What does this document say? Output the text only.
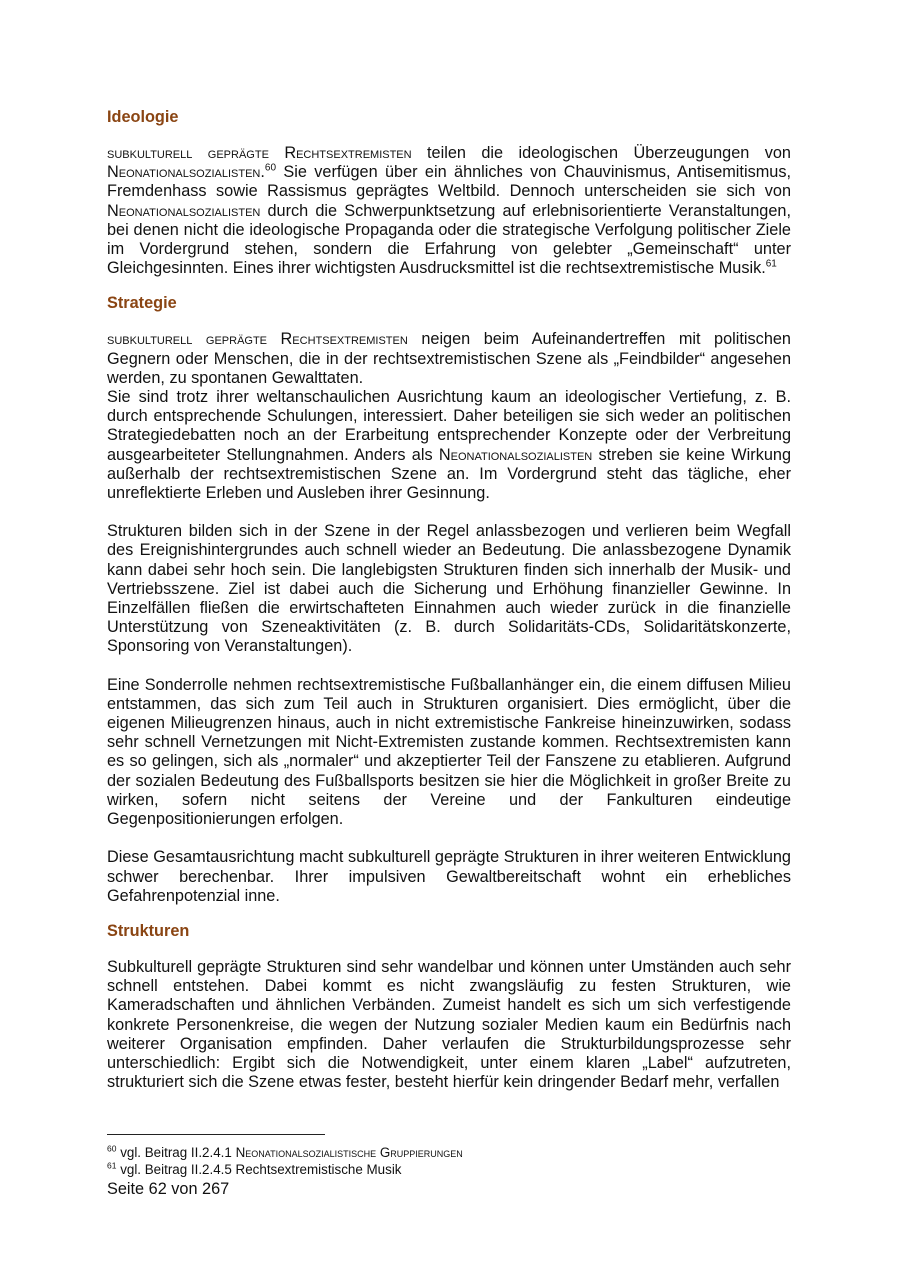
Ideologie

subkulturell geprägte Rechtsextremisten teilen die ideologischen Überzeugungen von Neonationalsozialisten.$^{60}$ Sie verfügen über ein ähnliches von Chauvinismus, Antisemitismus, Fremdenhass sowie Rassismus geprägtes Weltbild. Dennoch unterscheiden sie sich von Neonationalsozialisten durch die Schwerpunktsetzung auf erlebnisorientierte Veranstaltungen, bei denen nicht die ideologische Propaganda oder die strategische Verfolgung politischer Ziele im Vordergrund stehen, sondern die Erfahrung von gelebter „Gemeinschaft“ unter Gleichgesinnten. Eines ihrer wichtigsten Ausdrucksmittel ist die rechtsextremistische Musik.$^{61}$

Strategie

subkulturell geprägte Rechtsextremisten neigen beim Aufeinandertreffen mit politischen Gegnern oder Menschen, die in der rechtsextremistischen Szene als „Feindbilder“ angesehen werden, zu spontanen Gewalttaten.

Sie sind trotz ihrer weltanschaulichen Ausrichtung kaum an ideologischer Vertiefung, z. B. durch entsprechende Schulungen, interessiert. Daher beteiligen sie sich weder an politischen Strategiedebatten noch an der Erarbeitung entsprechender Konzepte oder der Verbreitung ausgearbeiteter Stellungnahmen. Anders als Neonationalsozialisten streben sie keine Wirkung außerhalb der rechtsextremistischen Szene an. Im Vordergrund steht das tägliche, eher unreflektierte Erleben und Ausleben ihrer Gesinnung.

Strukturen bilden sich in der Szene in der Regel anlassbezogen und verlieren beim Wegfall des Ereignishintergrundes auch schnell wieder an Bedeutung. Die anlassbezogene Dynamik kann dabei sehr hoch sein. Die langlebigsten Strukturen finden sich innerhalb der Musik- und Vertriebsszene. Ziel ist dabei auch die Sicherung und Erhöhung finanzieller Gewinne. In Einzelfällen fließen die erwirtschafteten Einnahmen auch wieder zurück in die finanzielle Unterstützung von Szeneaktivitäten (z. B. durch Solidaritäts-CDs, Solidaritätskonzerte, Sponsoring von Veranstaltungen).

Eine Sonderrolle nehmen rechtsextremistische Fußballanhänger ein, die einem diffusen Milieu entstammen, das sich zum Teil auch in Strukturen organisiert. Dies ermöglicht, über die eigenen Milieugrenzen hinaus, auch in nicht extremistische Fankreise hineinzuwirken, sodass sehr schnell Vernetzungen mit Nicht-Extremisten zustande kommen. Rechtsextremisten kann es so gelingen, sich als „normaler“ und akzeptierter Teil der Fanszene zu etablieren. Aufgrund der sozialen Bedeutung des Fußballsports besitzen sie hier die Möglichkeit in großer Breite zu wirken, sofern nicht seitens der Vereine und der Fankulturen eindeutige Gegenpositionierungen erfolgen.

Diese Gesamtausrichtung macht subkulturell geprägte Strukturen in ihrer weiteren Entwicklung schwer berechenbar. Ihrer impulsiven Gewaltbereitschaft wohnt ein erhebliches Gefahrenpotenzial inne.

Strukturen

Subkulturell geprägte Strukturen sind sehr wandelbar und können unter Umständen auch sehr schnell entstehen. Dabei kommt es nicht zwangsläufig zu festen Strukturen, wie Kameradschaften und ähnlichen Verbänden. Zumeist handelt es sich um sich verfestigende konkrete Personenkreise, die wegen der Nutzung sozialer Medien kaum ein Bedürfnis nach weiterer Organisation empfinden. Daher verlaufen die Strukturbildungsprozesse sehr unterschiedlich: Ergibt sich die Notwendigkeit, unter einem klaren „Label“ aufzutreten, strukturiert sich die Szene etwas fester, besteht hierfür kein dringender Bedarf mehr, verfallen

$^{60}$ vgl. Beitrag II.2.4.1 Neonationalsozialistische Gruppierungen
$^{61}$ vgl. Beitrag II.2.4.5 Rechtsextremistische Musik
Seite 62 von 267
